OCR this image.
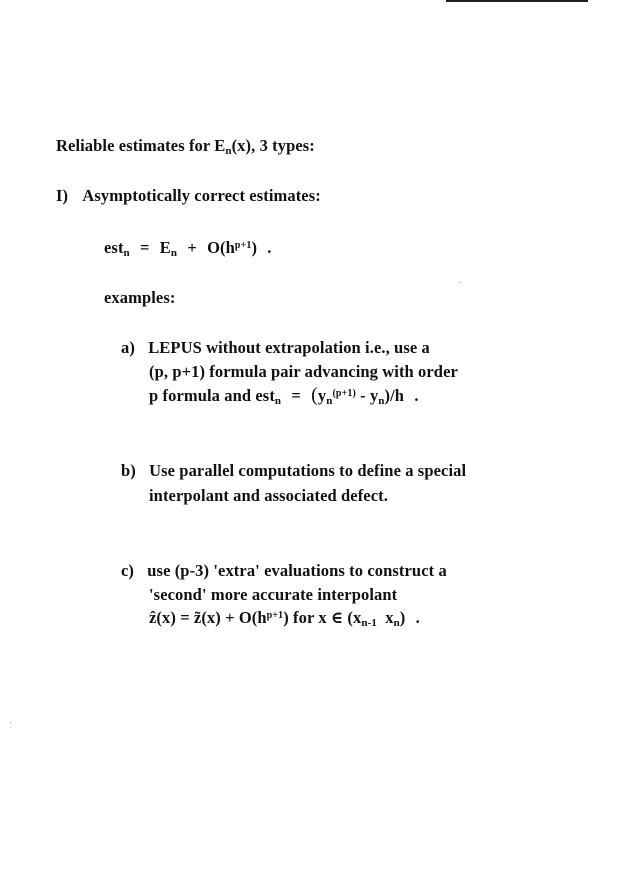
Reliable estimates for $E_n(x)$, 3 types:
I) Asymptotically correct estimates:
$est_n = E_n + O(h^{p+1})$ .
examples:
a) LEPUS without extrapolation i.e., use a
(p, p+1) formula pair advancing with order
p formula and $est_n = (y_n^{(p+1)} - y_n)/h$ .
b) Use parallel computations to define a special
interpolant and associated defect.
c) use (p-3) 'extra' evaluations to construct a
'second' more accurate interpolant
ẑ(x) = z̃(x) + $O(h^{p+1})$ for x ∈ ($x_{n-1}$ $x_n$) .
